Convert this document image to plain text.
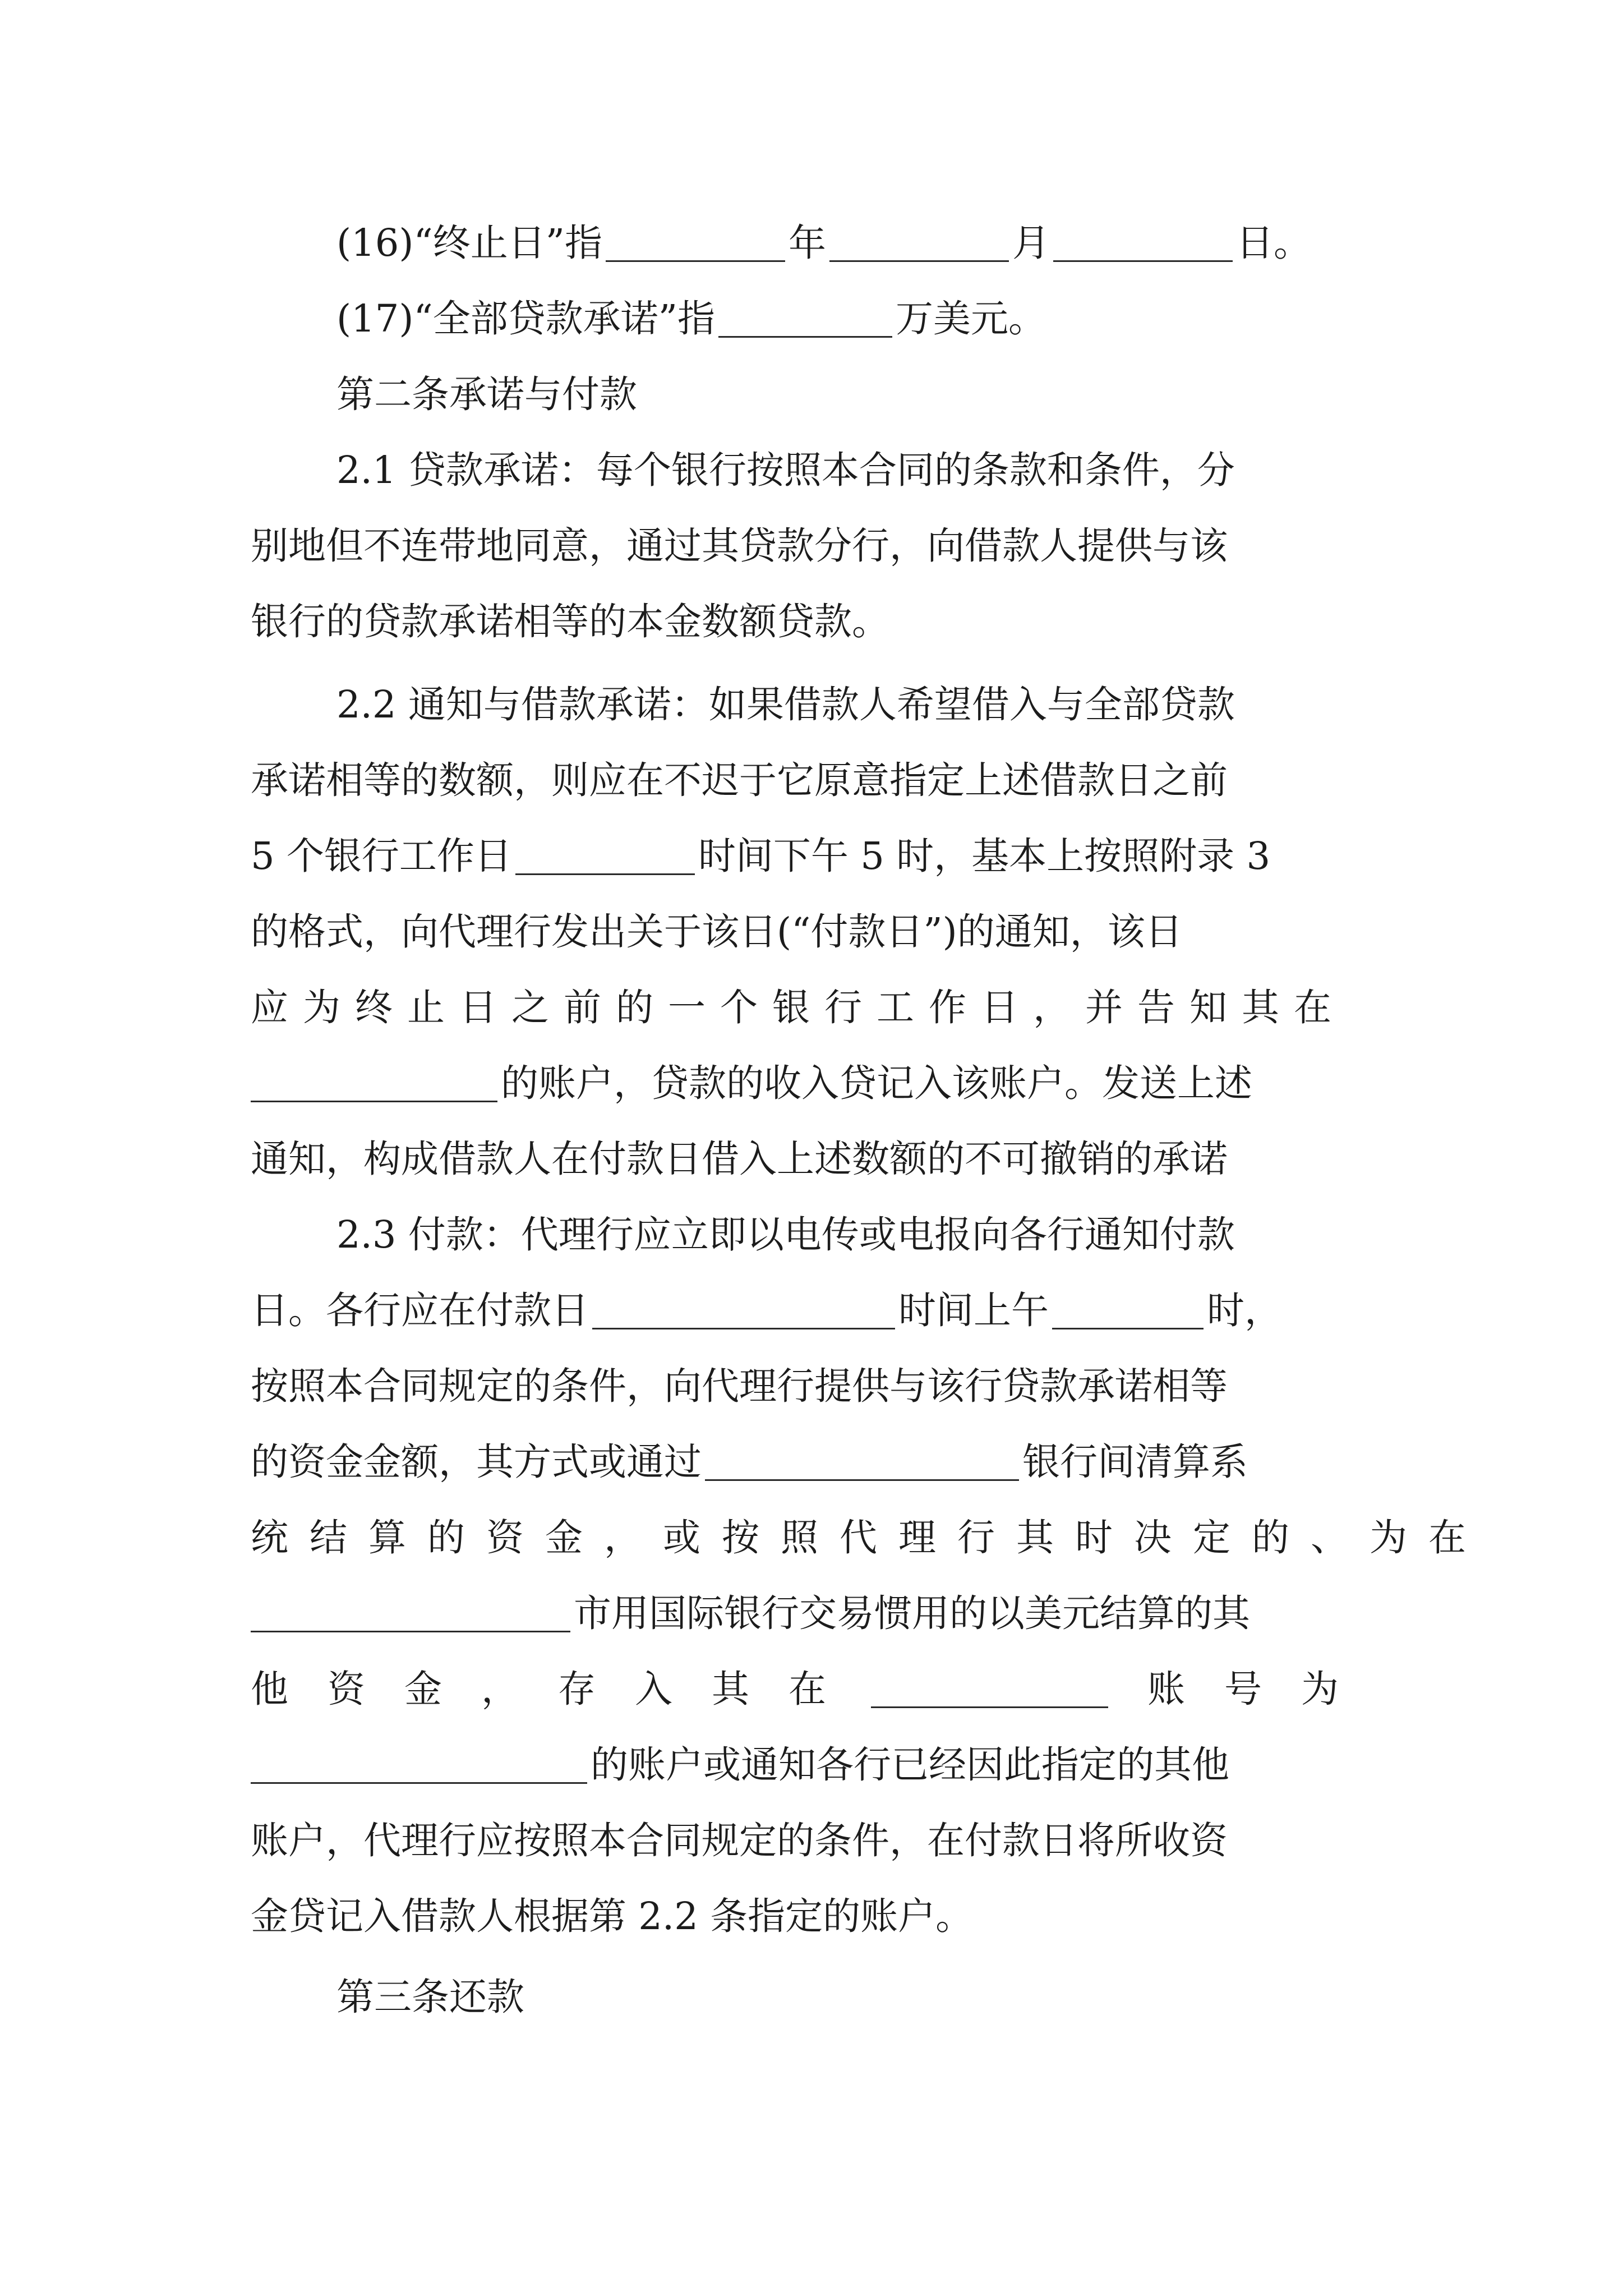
(16)“终止日”指	年	月	日。
(17)“全部贷款承诺”指	万美元。
第二条承诺与付款
2.1 贷款承诺：每个银行按照本合同的条款和条件，分
别地但不连带地同意，通过其贷款分行，向借款人提供与该
银行的贷款承诺相等的本金数额贷款。
2.2 通知与借款承诺：如果借款人希望借入与全部贷款
承诺相等的数额，则应在不迟于它原意指定上述借款日之前
5 个银行工作日	时间下午 5 时，基本上按照附录 3
的格式，向代理行发出关于该日(“付款日”)的通知，该日
应为终止日之前的一个银行工作日，并告知其在
的账户，贷款的收入贷记入该账户。发送上述
通知，构成借款人在付款日借入上述数额的不可撤销的承诺
2.3 付款：代理行应立即以电传或电报向各行通知付款
日。各行应在付款日	时间上午	时，
按照本合同规定的条件，向代理行提供与该行贷款承诺相等
的资金金额，其方式或通过	银行间清算系
统结算的资金，或按照代理行其时决定的、为在
市用国际银行交易惯用的以美元结算的其
他资金，存入其在	账号为
的账户或通知各行已经因此指定的其他
账户，代理行应按照本合同规定的条件，在付款日将所收资
金贷记入借款人根据第 2.2 条指定的账户。
第三条还款
